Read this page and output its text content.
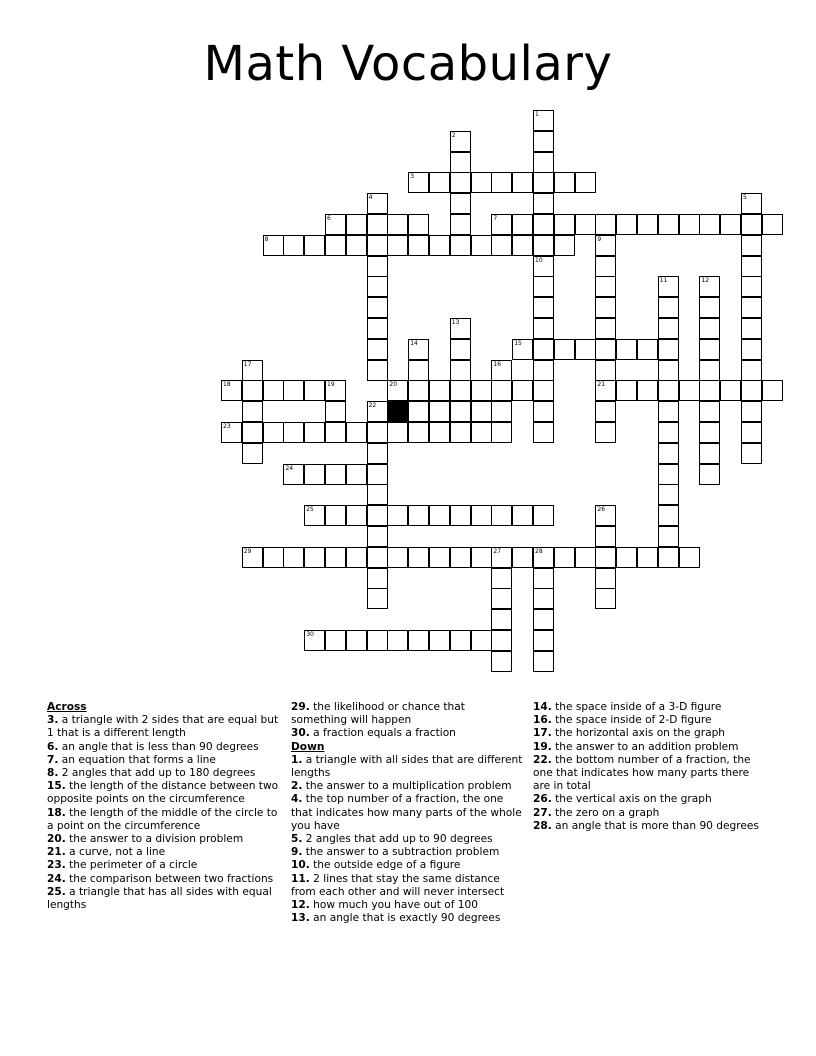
Math Vocabulary
3
6	7
8
15
18	19	20	21
22
23
24
25
29	27	28
30
1
2
4	5
9
10
11	12
13
14
16
17
26
Across
3. a triangle with 2 sides that are equal but 1 that is a different length
6. an angle that is less than 90 degrees
7. an equation that forms a line
8. 2 angles that add up to 180 degrees
15. the length of the distance between two opposite points on the circumference
18. the length of the middle of the circle to a point on the circumference
20. the answer to a division problem
21. a curve, not a line
23. the perimeter of a circle
24. the comparison between two fractions
25. a triangle that has all sides with equal lengths
29. the likelihood or chance that something will happen
30. a fraction equals a fraction
Down
1. a triangle with all sides that are different lengths
2. the answer to a multiplication problem
4. the top number of a fraction, the one that indicates how many parts of the whole you have
5. 2 angles that add up to 90 degrees
9. the answer to a subtraction problem
10. the outside edge of a figure
11. 2 lines that stay the same distance from each other and will never intersect
12. how much you have out of 100
13. an angle that is exactly 90 degrees
14. the space inside of a 3-D figure
16. the space inside of 2-D figure
17. the horizontal axis on the graph
19. the answer to an addition problem
22. the bottom number of a fraction, the one that indicates how many parts there are in total
26. the vertical axis on the graph
27. the zero on a graph
28. an angle that is more than 90 degrees
